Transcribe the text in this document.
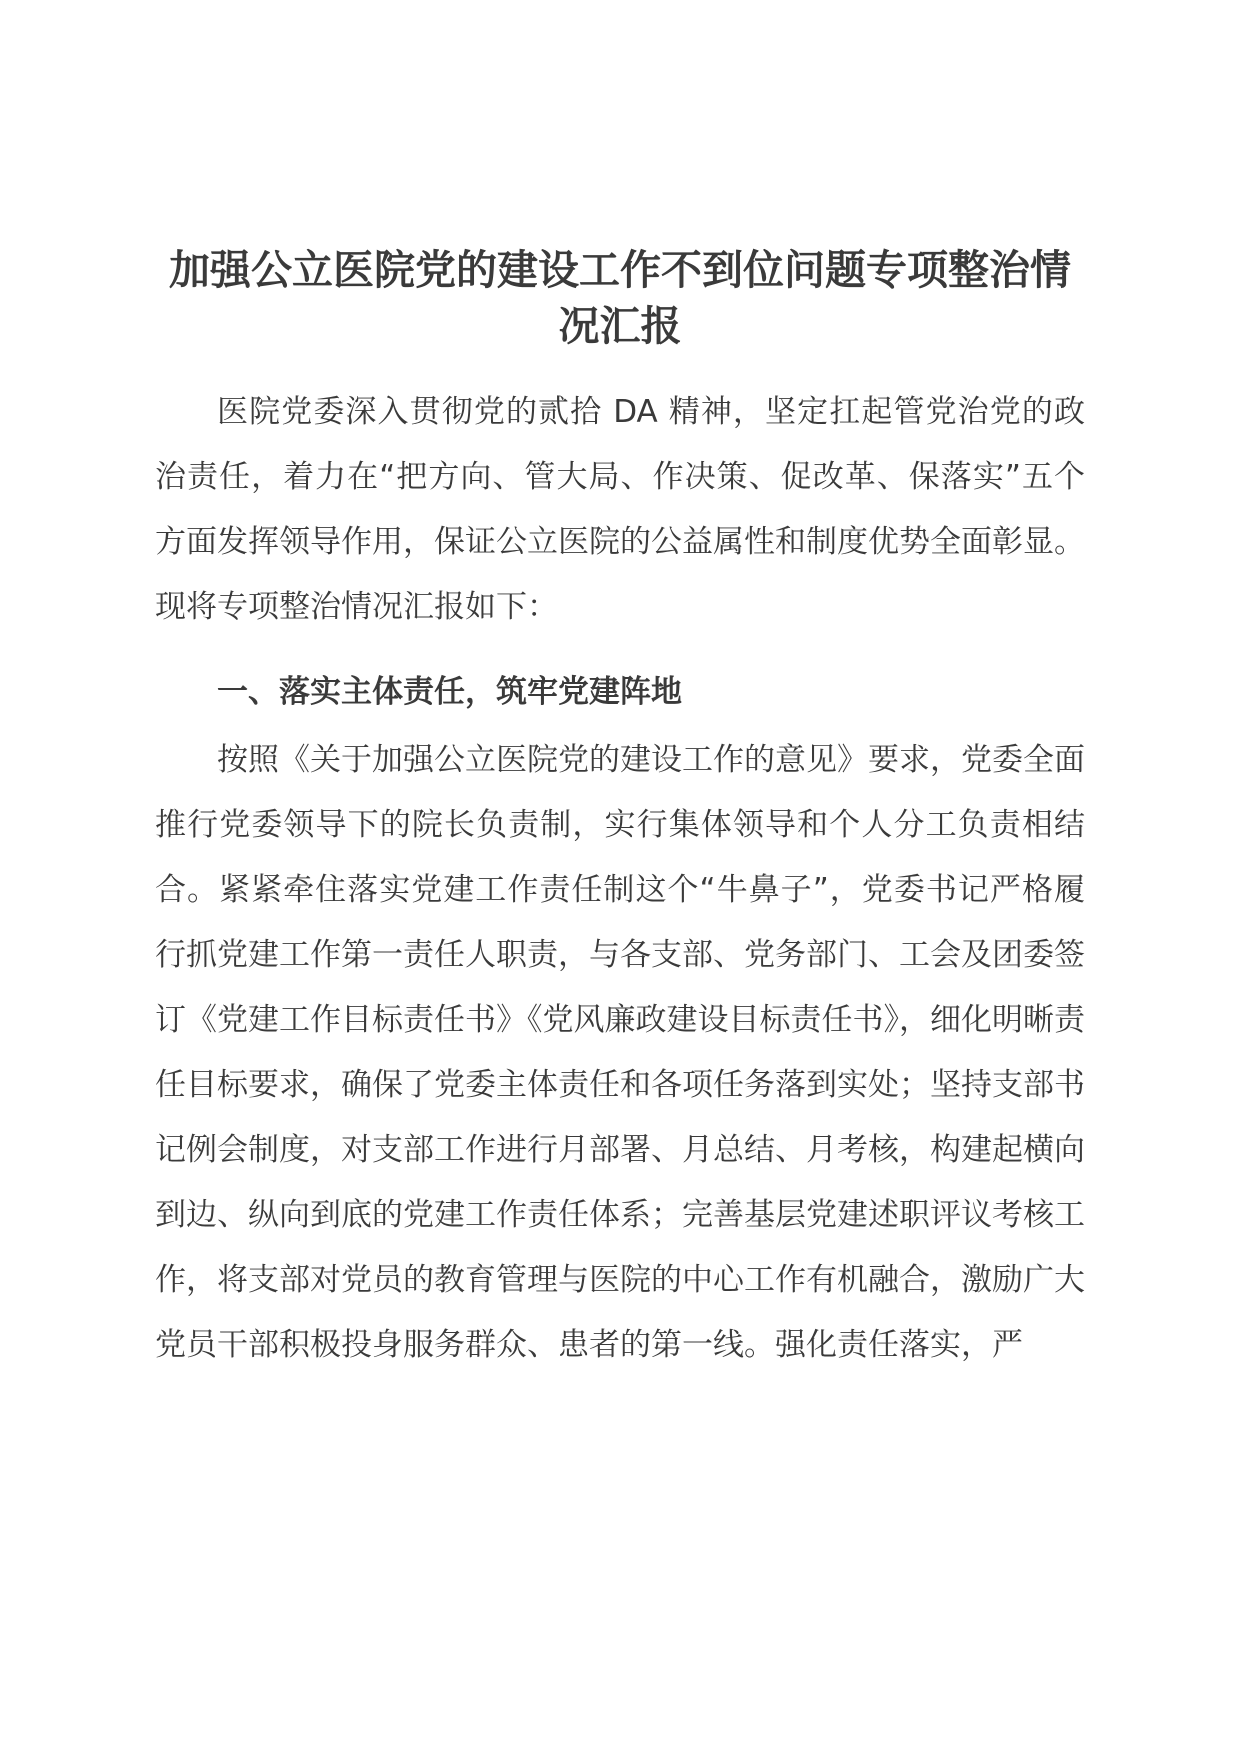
加强公立医院党的建设工作不到位问题专项整治情况汇报

医院党委深入贯彻党的贰拾 DA 精神，坚定扛起管党治党的政治责任，着力在“把方向、管大局、作决策、促改革、保落实”五个方面发挥领导作用，保证公立医院的公益属性和制度优势全面彰显。现将专项整治情况汇报如下：

一、落实主体责任，筑牢党建阵地

按照《关于加强公立医院党的建设工作的意见》要求，党委全面推行党委领导下的院长负责制，实行集体领导和个人分工负责相结合。紧紧牵住落实党建工作责任制这个“牛鼻子”，党委书记严格履行抓党建工作第一责任人职责，与各支部、党务部门、工会及团委签订《党建工作目标责任书》《党风廉政建设目标责任书》，细化明晰责任目标要求，确保了党委主体责任和各项任务落到实处；坚持支部书记例会制度，对支部工作进行月部署、月总结、月考核，构建起横向到边、纵向到底的党建工作责任体系；完善基层党建述职评议考核工作，将支部对党员的教育管理与医院的中心工作有机融合，激励广大党员干部积极投身服务群众、患者的第一线。强化责任落实，严
